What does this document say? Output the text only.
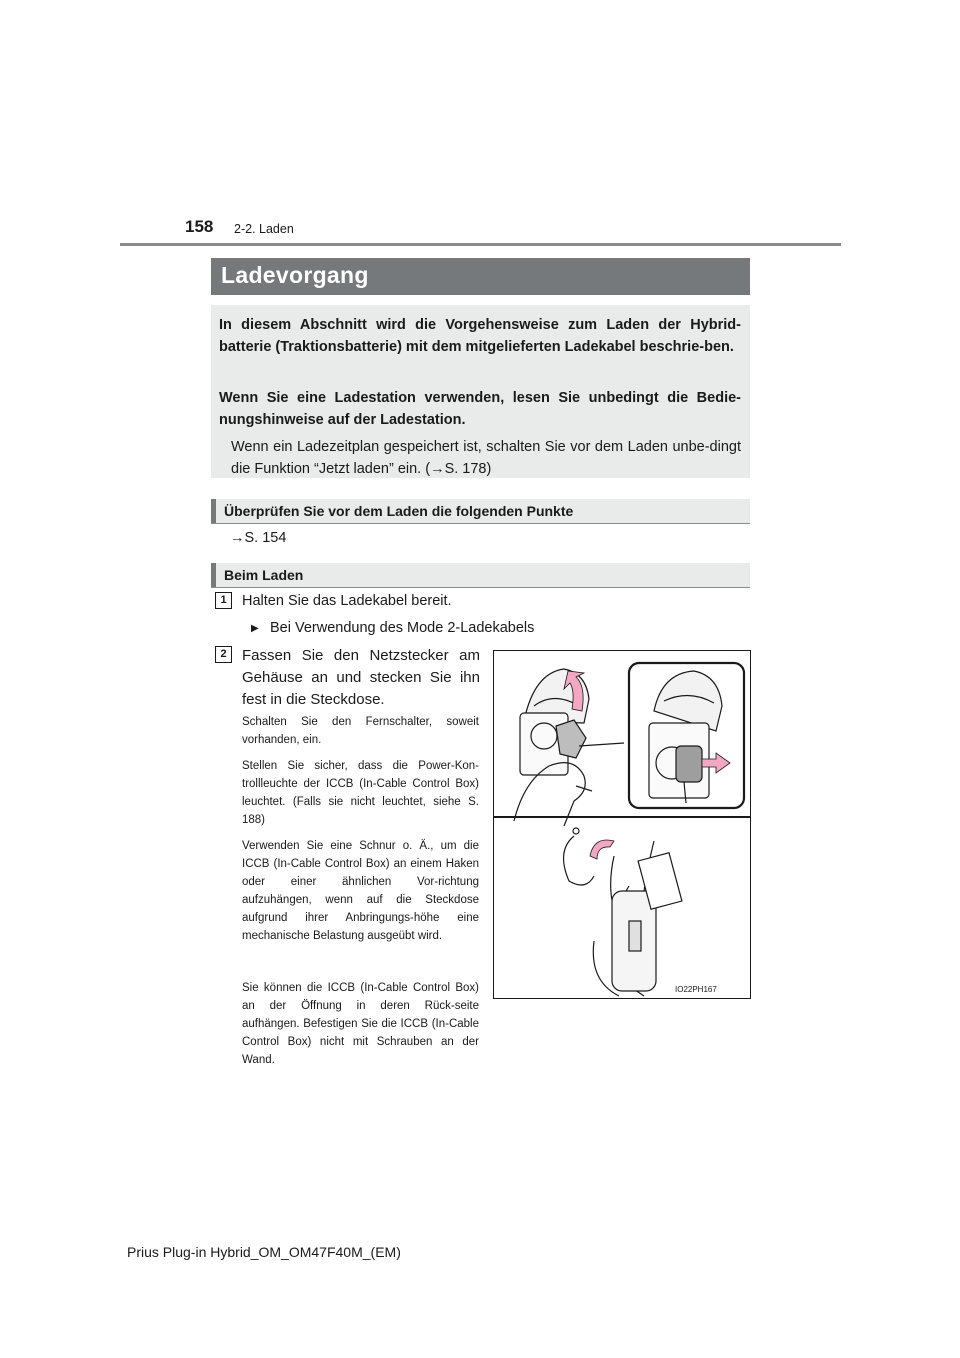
158 2-2. Laden
Ladevorgang

In diesem Abschnitt wird die Vorgehensweise zum Laden der Hybrid-batterie (Traktionsbatterie) mit dem mitgelieferten Ladekabel beschrie-ben.

Wenn Sie eine Ladestation verwenden, lesen Sie unbedingt die Bedie-nungshinweise auf der Ladestation.

Wenn ein Ladezeitplan gespeichert ist, schalten Sie vor dem Laden unbe-dingt die Funktion “Jetzt laden” ein. (→S. 178)

Überprüfen Sie vor dem Laden die folgenden Punkte
→S. 154
Beim Laden
1	Halten Sie das Ladekabel bereit.
▶ Bei Verwendung des Mode 2-Ladekabels
2	Fassen Sie den Netzstecker am Gehäuse an und stecken Sie ihn fest in die Steckdose.

Schalten Sie den Fernschalter, soweit vorhanden, ein.

Stellen Sie sicher, dass die Power-Kon-trollleuchte der ICCB (In-Cable Control Box) leuchtet. (Falls sie nicht leuchtet, siehe S. 188)

Verwenden Sie eine Schnur o. Ä., um die ICCB (In-Cable Control Box) an einem Haken oder einer ähnlichen Vor-richtung aufzuhängen, wenn auf die Steckdose aufgrund ihrer Anbringungs-höhe eine mechanische Belastung ausgeübt wird.

Sie können die ICCB (In-Cable Control Box) an der Öffnung in deren Rück-seite aufhängen. Befestigen Sie die ICCB (In-Cable Control Box) nicht mit Schrauben an der Wand.

IO22PH167
Prius Plug-in Hybrid_OM_OM47F40M_(EM)
